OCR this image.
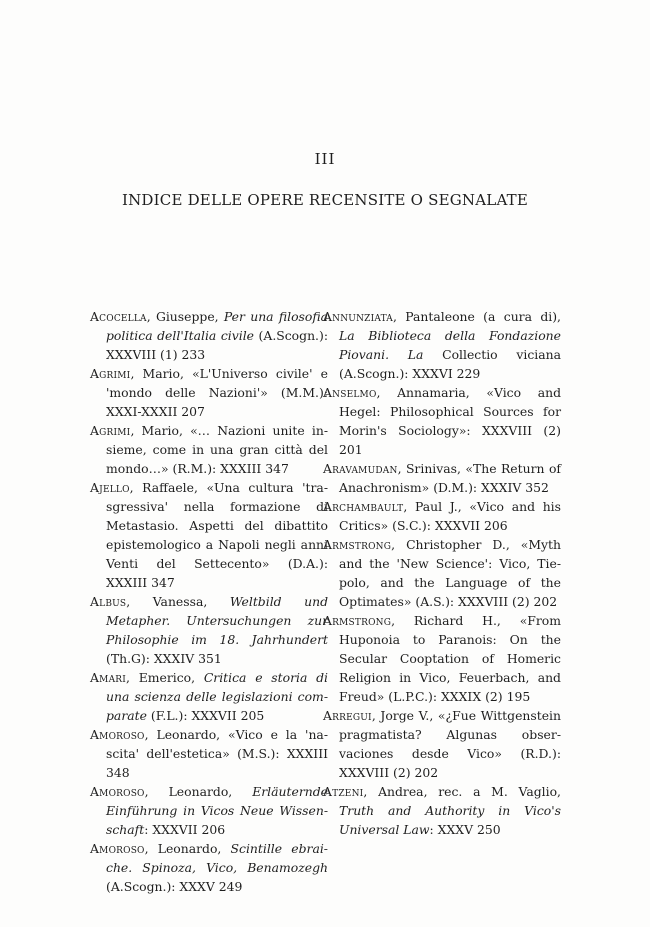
III
INDICE DELLE OPERE RECENSITE O SEGNALATE

Acocella, Giuseppe, Per una filosofia politica dell'Italia civile (A.Scogn.): XXXVIII (1) 233

Agrimi, Mario, «L'Universo civile' e 'mondo delle Nazioni'» (M.M.): XXXI-XXXII 207

Agrimi, Mario, «… Nazioni unite insieme, come in una gran città del mondo…» (R.M.): XXXIII 347

Ajello, Raffaele, «Una cultura 'trasgressiva' nella formazione di Metastasio. Aspetti del dibattito epistemologico a Napoli negli anni Venti del Settecento» (D.A.): XXXIII 347

Albus, Vanessa, Weltbild und Metapher. Untersuchungen zur Philosophie im 18. Jahrhundert (Th.G): XXXIV 351

Amari, Emerico, Critica e storia di una scienza delle legislazioni comparate (F.L.): XXXVII 205

Amoroso, Leonardo, «Vico e la 'nascita' dell'estetica» (M.S.): XXXIII 348

Amoroso, Leonardo, Erläuternde Einführung in Vicos Neue Wissenschaft: XXXVII 206

Amoroso, Leonardo, Scintille ebraiche. Spinoza, Vico, Benamozegh (A.Scogn.): XXXV 249

Annunziata, Pantaleone (a cura di), La Biblioteca della Fondazione Piovani. La Collectio viciana (A.Scogn.): XXXVI 229

Anselmo, Annamaria, «Vico and Hegel: Philosophical Sources for Morin's Sociology»: XXXVIII (2) 201

Aravamudan, Srinivas, «The Return of Anachronism» (D.M.): XXXIV 352

Archambault, Paul J., «Vico and his Critics» (S.C.): XXXVII 206

Armstrong, Christopher D., «Myth and the 'New Science': Vico, Tiepolo, and the Language of the Optimates» (A.S.): XXXVIII (2) 202

Armstrong, Richard H., «From Huponoia to Paranois: On the Secular Cooptation of Homeric Religion in Vico, Feuerbach, and Freud» (L.P.C.): XXXIX (2) 195

Arregui, Jorge V., «¿Fue Wittgenstein pragmatista? Algunas observaciones desde Vico» (R.D.): XXXVIII (2) 202

Atzeni, Andrea, rec. a M. Vaglio, Truth and Authority in Vico's Universal Law: XXXV 250
